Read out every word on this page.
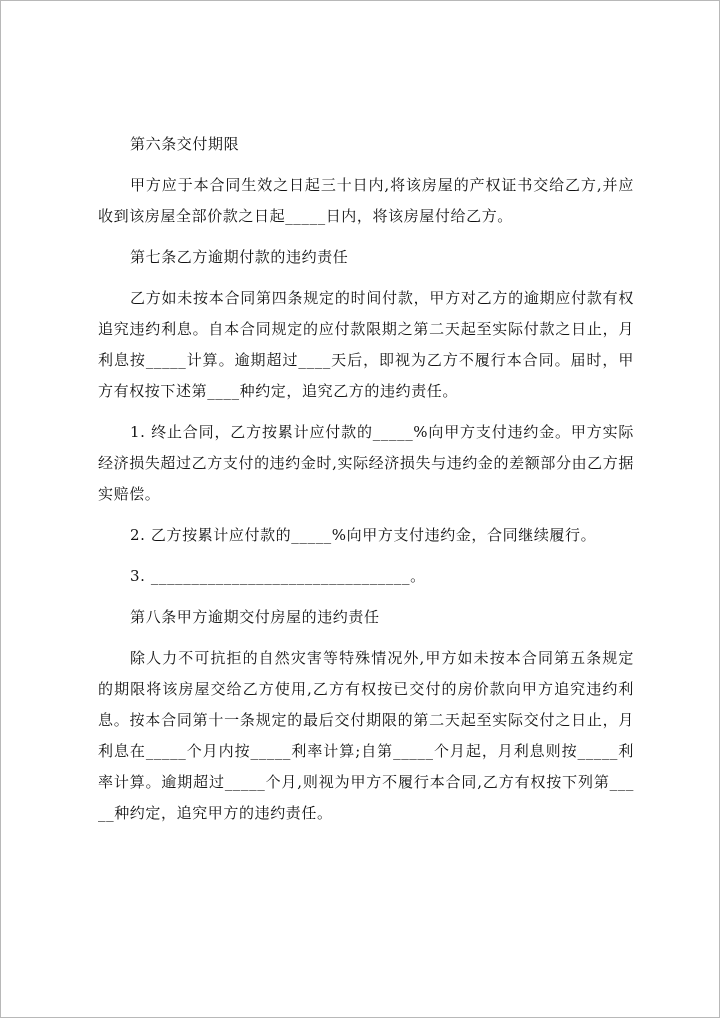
第六条交付期限

甲方应于本合同生效之日起三十日内,将该房屋的产权证书交给乙方,并应收到该房屋全部价款之日起_____日内，将该房屋付给乙方。

第七条乙方逾期付款的违约责任

乙方如未按本合同第四条规定的时间付款，甲方对乙方的逾期应付款有权追究违约利息。自本合同规定的应付款限期之第二天起至实际付款之日止，月利息按_____计算。逾期超过____天后，即视为乙方不履行本合同。届时，甲方有权按下述第____种约定，追究乙方的违约责任。

1. 终止合同，乙方按累计应付款的_____%向甲方支付违约金。甲方实际经济损失超过乙方支付的违约金时,实际经济损失与违约金的差额部分由乙方据实赔偿。

2. 乙方按累计应付款的_____%向甲方支付违约金，合同继续履行。

3. ________________________________。

第八条甲方逾期交付房屋的违约责任

除人力不可抗拒的自然灾害等特殊情况外,甲方如未按本合同第五条规定的期限将该房屋交给乙方使用,乙方有权按已交付的房价款向甲方追究违约利息。按本合同第十一条规定的最后交付期限的第二天起至实际交付之日止，月利息在_____个月内按_____利率计算;自第_____个月起，月利息则按_____利率计算。逾期超过_____个月,则视为甲方不履行本合同,乙方有权按下列第_____种约定，追究甲方的违约责任。
